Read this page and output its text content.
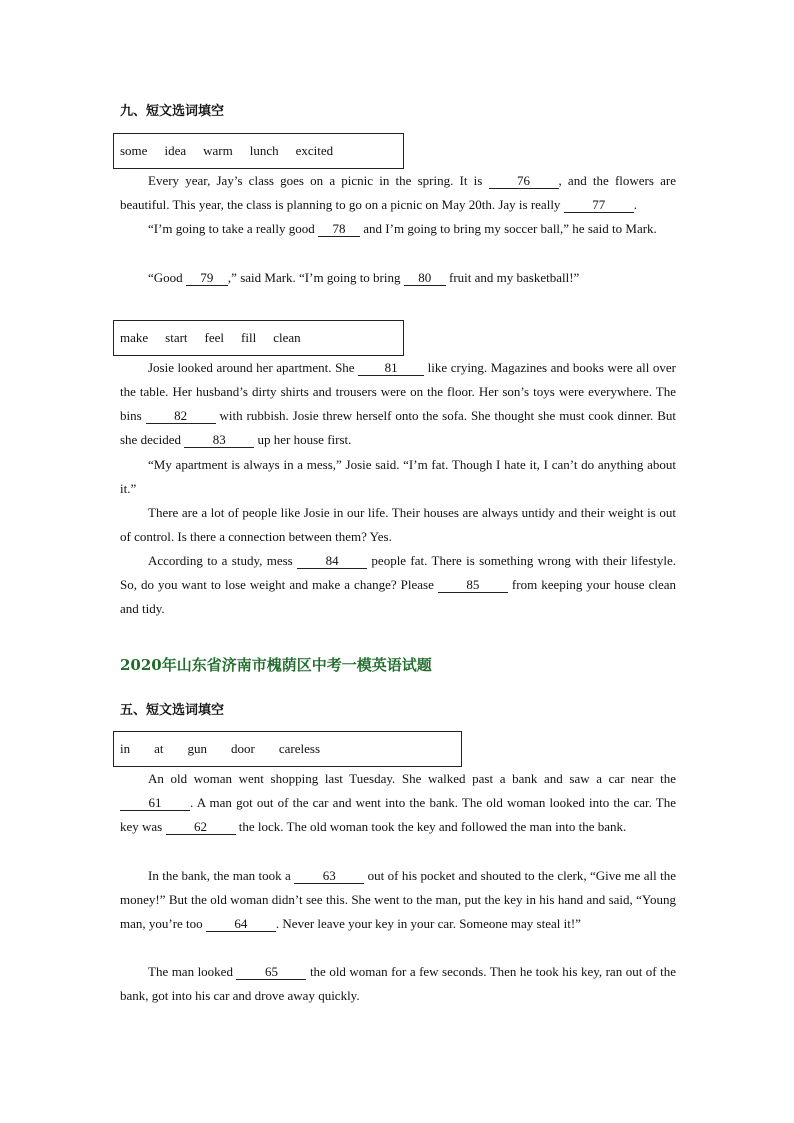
九、短文选词填空
some idea warm lunch excited
Every year, Jay’s class goes on a picnic in the spring. It is 76 , and the flowers are beautiful. This year, the class is planning to go on a picnic on May 20th. Jay is really 77 .
“I’m going to take a really good 78 and I’m going to bring my soccer ball,” he said to Mark.
“Good 79 ,” said Mark. “I’m going to bring 80 fruit and my basketball!”
make start feel fill clean
Josie looked around her apartment. She 81 like crying. Magazines and books were all over the table. Her husband’s dirty shirts and trousers were on the floor. Her son’s toys were everywhere. The bins 82 with rubbish. Josie threw herself onto the sofa. She thought she must cook dinner. But she decided 83 up her house first.
“My apartment is always in a mess,” Josie said. “I’m fat. Though I hate it, I can’t do anything about it.”
There are a lot of people like Josie in our life. Their houses are always untidy and their weight is out of control. Is there a connection between them? Yes.
According to a study, mess 84 people fat. There is something wrong with their lifestyle. So, do you want to lose weight and make a change? Please 85 from keeping your house clean and tidy.
2020年山东省济南市槐荫区中考一模英语试题
五、短文选词填空
in at gun door careless
An old woman went shopping last Tuesday. She walked past a bank and saw a car near the 61 . A man got out of the car and went into the bank. The old woman looked into the car. The key was 62 the lock. The old woman took the key and followed the man into the bank.
In the bank, the man took a 63 out of his pocket and shouted to the clerk, “Give me all the money!” But the old woman didn’t see this. She went to the man, put the key in his hand and said, “Young man, you’re too 64 . Never leave your key in your car. Someone may steal it!”
The man looked 65 the old woman for a few seconds. Then he took his key, ran out of the bank, got into his car and drove away quickly.
